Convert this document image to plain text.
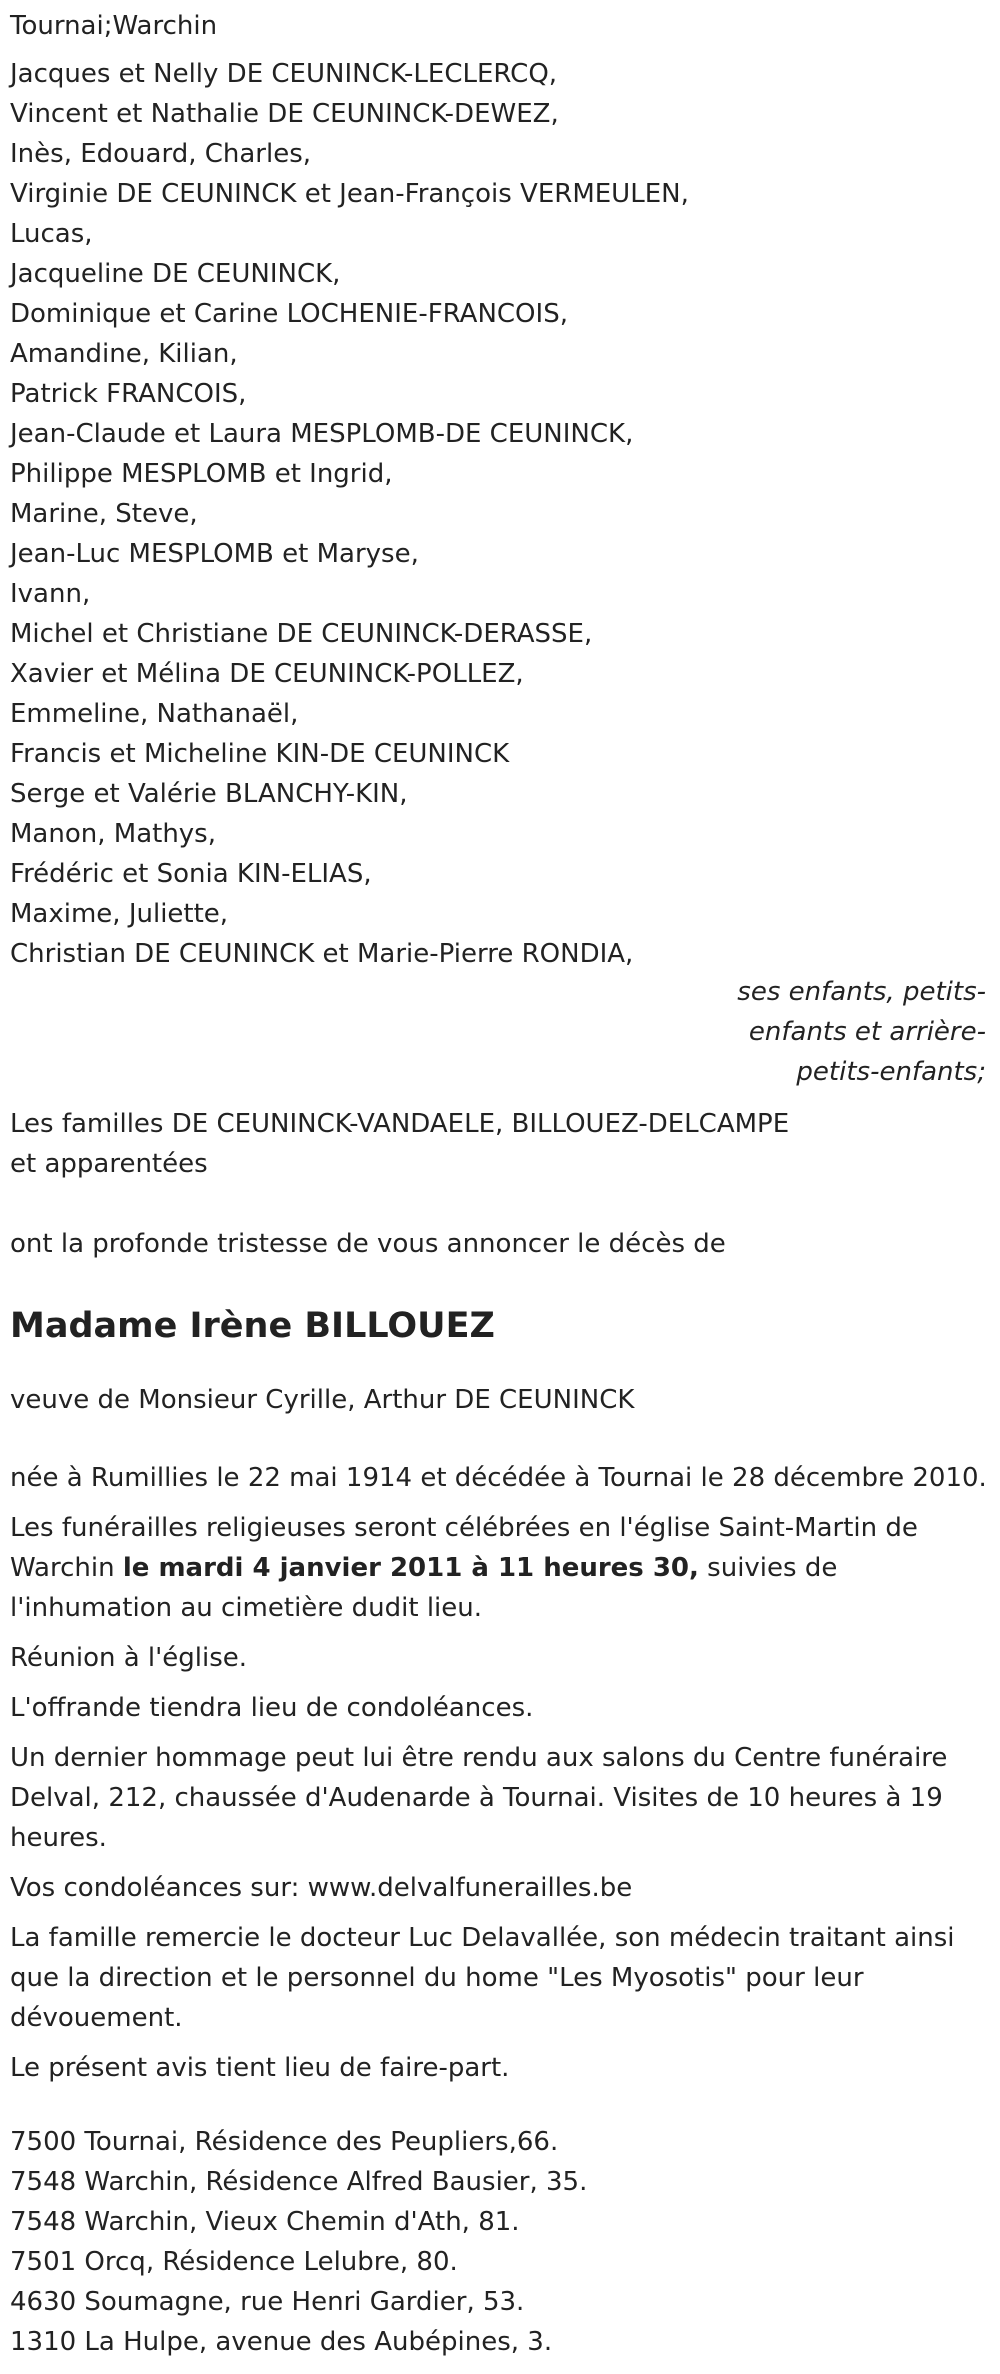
Tournai;Warchin
Jacques et Nelly DE CEUNINCK-LECLERCQ,
Vincent et Nathalie DE CEUNINCK-DEWEZ,
Inès, Edouard, Charles,
Virginie DE CEUNINCK et Jean-François VERMEULEN,
Lucas,
Jacqueline DE CEUNINCK,
Dominique et Carine LOCHENIE-FRANCOIS,
Amandine, Kilian,
Patrick FRANCOIS,
Jean-Claude et Laura MESPLOMB-DE CEUNINCK,
Philippe MESPLOMB et Ingrid,
Marine, Steve,
Jean-Luc MESPLOMB et Maryse,
Ivann,
Michel et Christiane DE CEUNINCK-DERASSE,
Xavier et Mélina DE CEUNINCK-POLLEZ,
Emmeline, Nathanaël,
Francis et Micheline KIN-DE CEUNINCK
Serge et Valérie BLANCHY-KIN,
Manon, Mathys,
Frédéric et Sonia KIN-ELIAS,
Maxime, Juliette,
Christian DE CEUNINCK et Marie-Pierre RONDIA,
ses enfants, petits-
enfants et arrière-
petits-enfants;
Les familles DE CEUNINCK-VANDAELE, BILLOUEZ-DELCAMPE
et apparentées
ont la profonde tristesse de vous annoncer le décès de
Madame Irène BILLOUEZ
veuve de Monsieur Cyrille, Arthur DE CEUNINCK
née à Rumillies le 22 mai 1914 et décédée à Tournai le 28 décembre 2010.
Les funérailles religieuses seront célébrées en l'église Saint-Martin de Warchin le mardi 4 janvier 2011 à 11 heures 30, suivies de l'inhumation au cimetière dudit lieu.
Réunion à l'église.
L'offrande tiendra lieu de condoléances.
Un dernier hommage peut lui être rendu aux salons du Centre funéraire Delval, 212, chaussée d'Audenarde à Tournai. Visites de 10 heures à 19 heures.
Vos condoléances sur: www.delvalfunerailles.be
La famille remercie le docteur Luc Delavallée, son médecin traitant ainsi que la direction et le personnel du home "Les Myosotis" pour leur dévouement.
Le présent avis tient lieu de faire-part.
7500 Tournai, Résidence des Peupliers,66.
7548 Warchin, Résidence Alfred Bausier, 35.
7548 Warchin, Vieux Chemin d'Ath, 81.
7501 Orcq, Résidence Lelubre, 80.
4630 Soumagne, rue Henri Gardier, 53.
1310 La Hulpe, avenue des Aubépines, 3.
